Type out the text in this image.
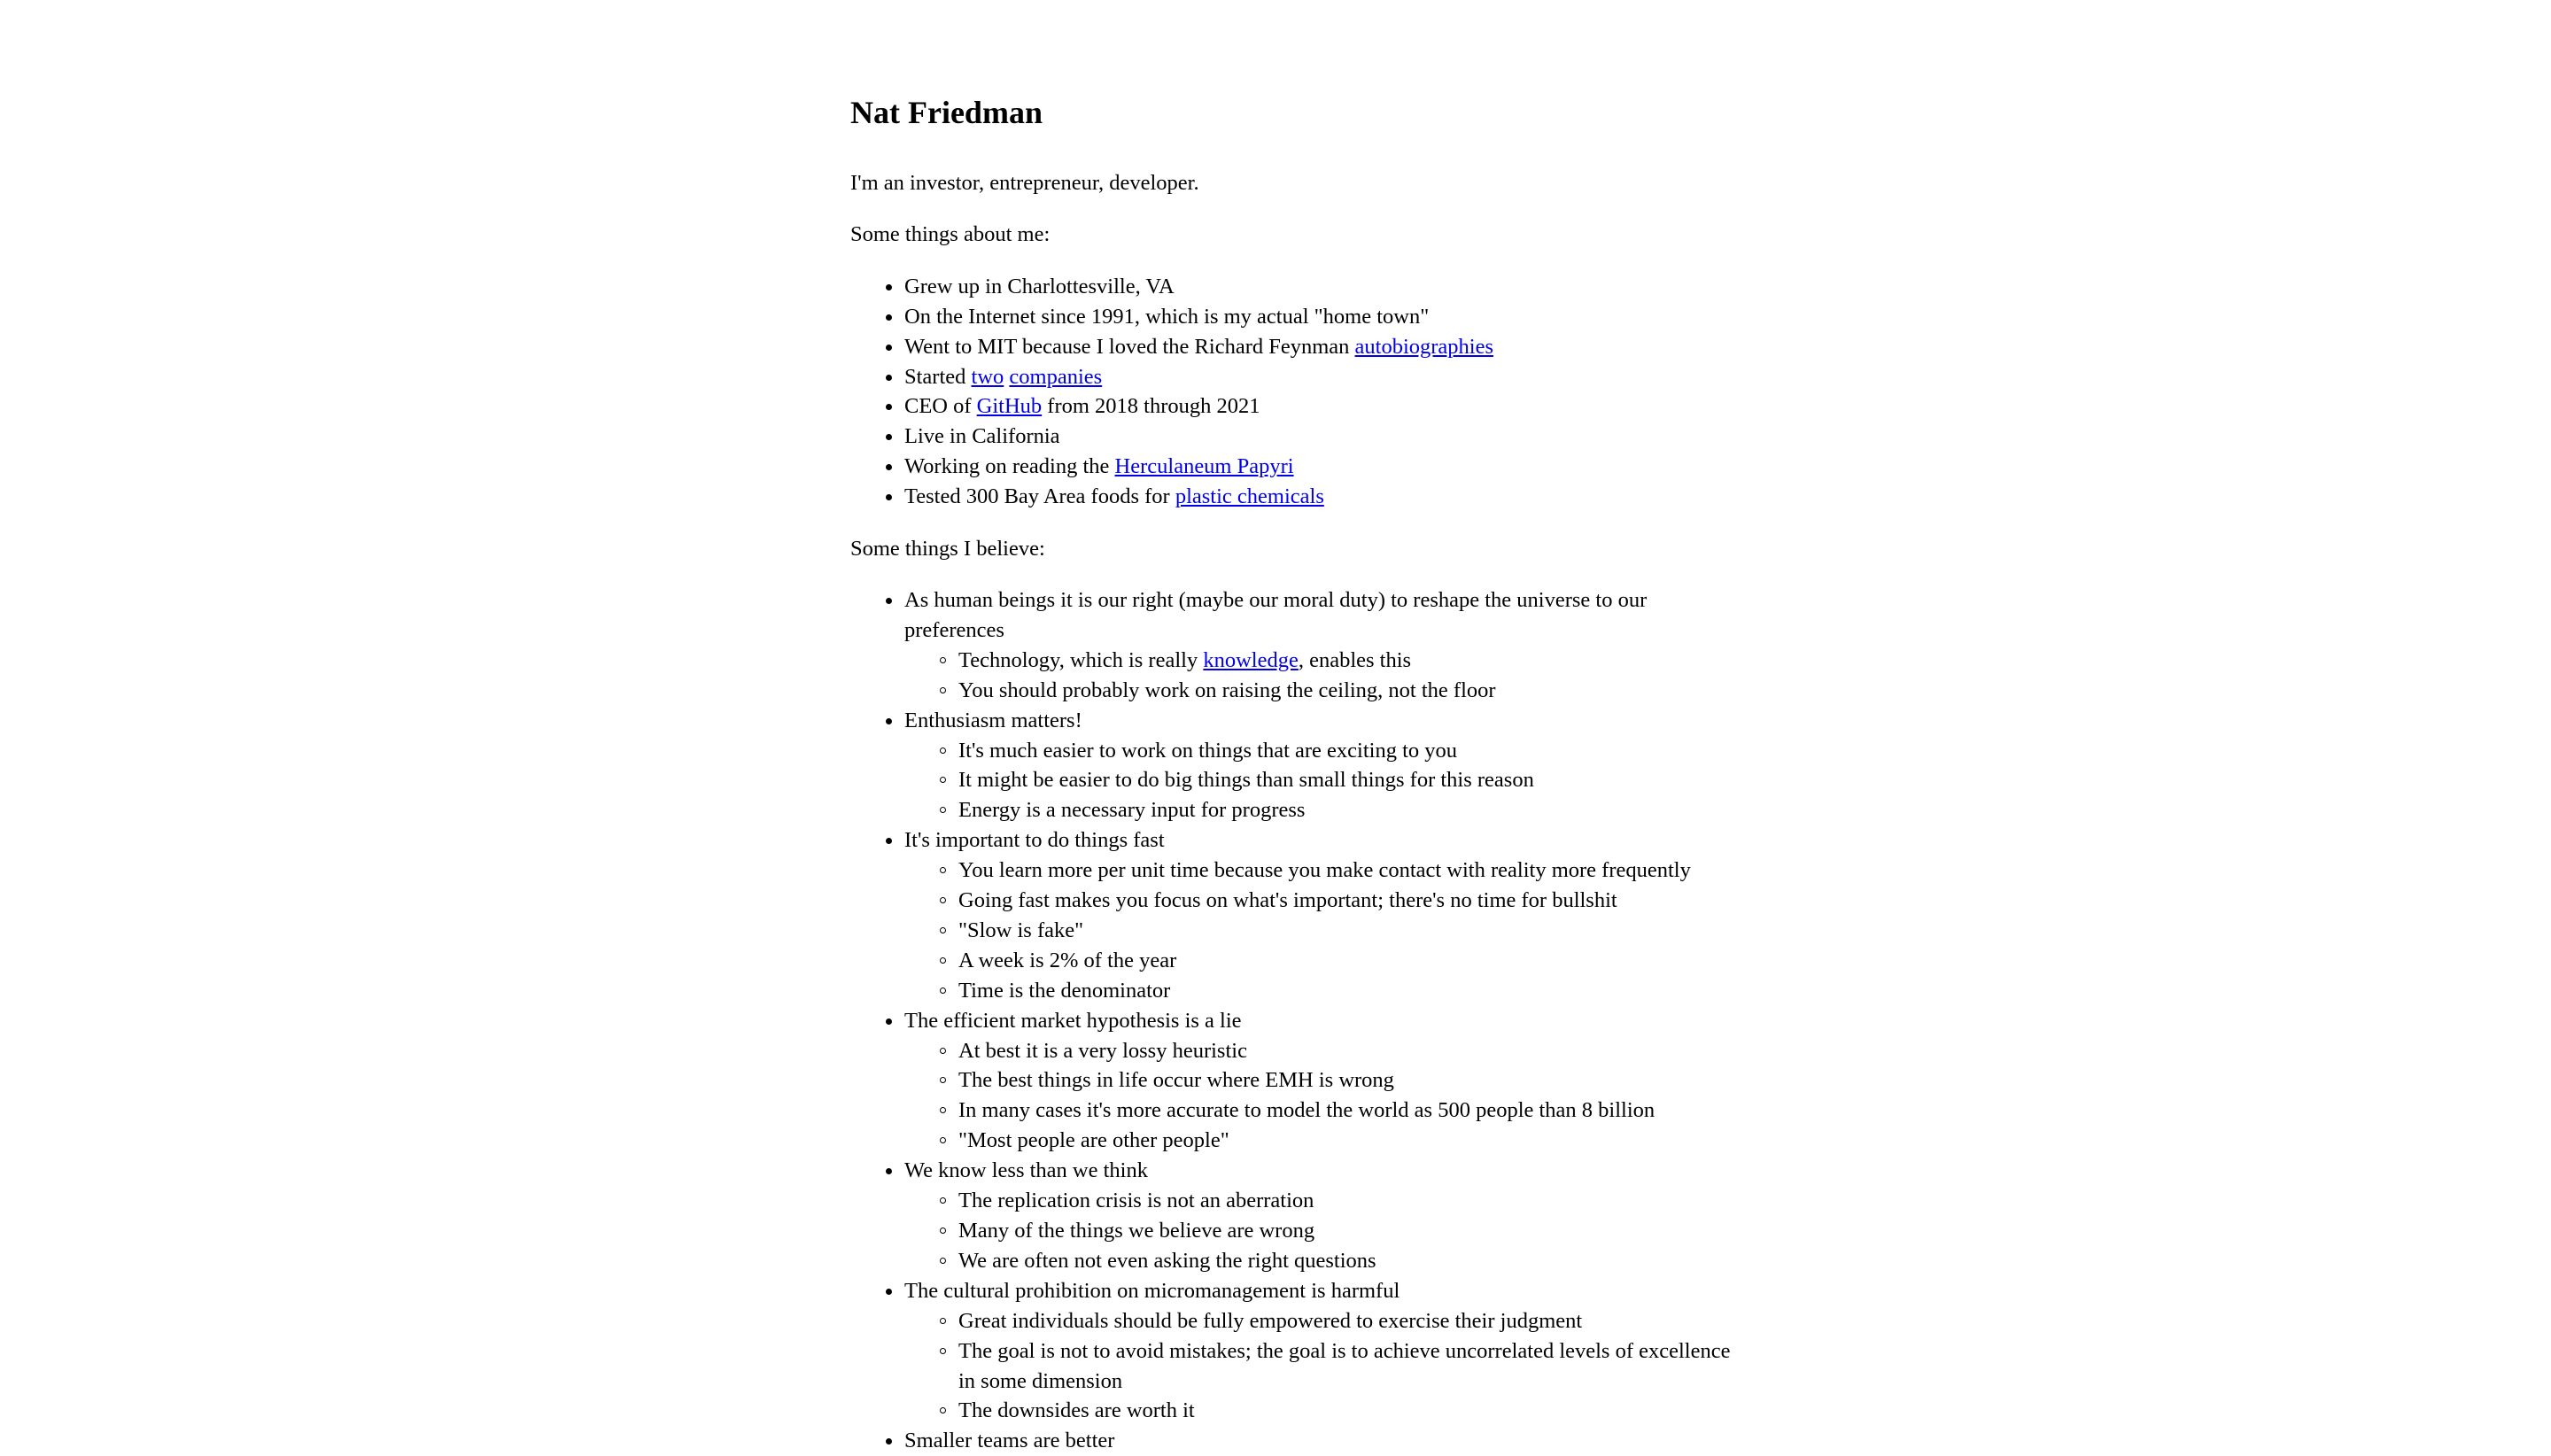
Nat Friedman

I'm an investor, entrepreneur, developer.

Some things about me:

Grew up in Charlottesville, VA
On the Internet since 1991, which is my actual "home town"
Went to MIT because I loved the Richard Feynman autobiographies
Started two companies
CEO of GitHub from 2018 through 2021
Live in California
Working on reading the Herculaneum Papyri
Tested 300 Bay Area foods for plastic chemicals

Some things I believe:

As human beings it is our right (maybe our moral duty) to reshape the universe to our preferences
Technology, which is really knowledge, enables this
You should probably work on raising the ceiling, not the floor
Enthusiasm matters!
It's much easier to work on things that are exciting to you
It might be easier to do big things than small things for this reason
Energy is a necessary input for progress
It's important to do things fast
You learn more per unit time because you make contact with reality more frequently
Going fast makes you focus on what's important; there's no time for bullshit
"Slow is fake"
A week is 2% of the year
Time is the denominator
The efficient market hypothesis is a lie
At best it is a very lossy heuristic
The best things in life occur where EMH is wrong
In many cases it's more accurate to model the world as 500 people than 8 billion
"Most people are other people"
We know less than we think
The replication crisis is not an aberration
Many of the things we believe are wrong
We are often not even asking the right questions
The cultural prohibition on micromanagement is harmful
Great individuals should be fully empowered to exercise their judgment
The goal is not to avoid mistakes; the goal is to achieve uncorrelated levels of excellence in some dimension
The downsides are worth it
Smaller teams are better
